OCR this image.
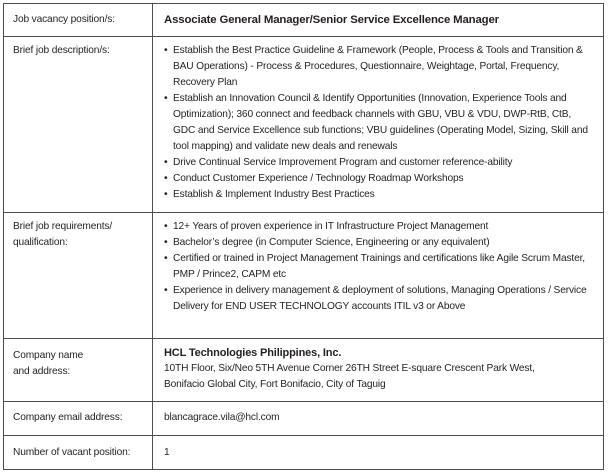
Job vacancy position/s:	Associate General Manager/Senior Service Excellence Manager
Brief job description/s:
•	Establish the Best Practice Guideline & Framework (People, Process & Tools and Transition & BAU Operations) - Process & Procedures, Questionnaire, Weightage, Portal, Frequency, Recovery Plan
• Establish an Innovation Council & Identify Opportunities (Innovation, Experience Tools and Optimization); 360 connect and feedback channels with GBU, VBU & VDU, DWP-RtB, CtB, GDC and Service Excellence sub functions; VBU guidelines (Operating Model, Sizing, Skill and tool mapping) and validate new deals and renewals
• Drive Continual Service Improvement Program and customer reference-ability
• Conduct Customer Experience / Technology Roadmap Workshops
• Establish & Implement Industry Best Practices
Brief job requirements/
qualification:
• 12+ Years of proven experience in IT Infrastructure Project Management
• Bachelor’s degree (in Computer Science, Engineering or any equivalent)
• Certified or trained in Project Management Trainings and certifications like Agile Scrum Master, PMP / Prince2, CAPM etc
• Experience in delivery management & deployment of solutions, Managing Operations / Service Delivery for END USER TECHNOLOGY accounts ITIL v3 or Above
Company name
and address:
HCL Technologies Philippines, Inc.
10TH Floor, Six/Neo 5TH Avenue Corner 26TH Street E-square Crescent Park West,
Bonifacio Global City, Fort Bonifacio, City of Taguig
Company email address:	blancagrace.vila@hcl.com
Number of vacant position:	1
